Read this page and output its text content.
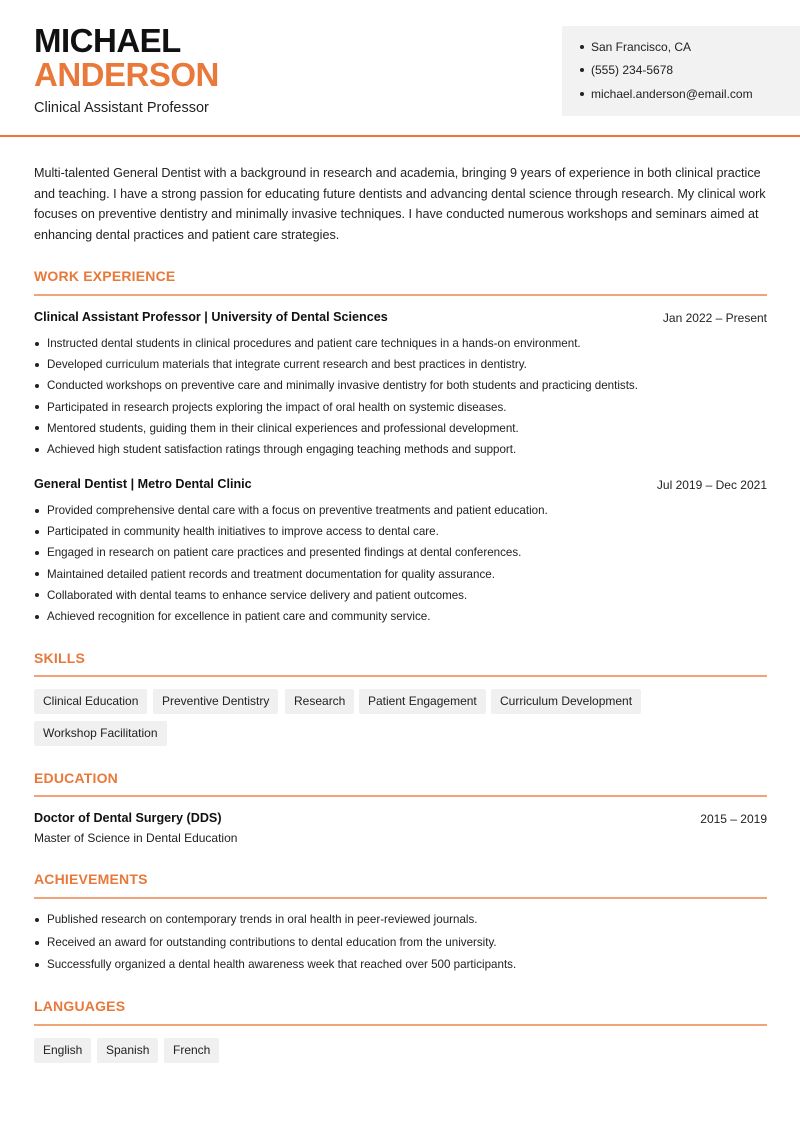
MICHAEL
ANDERSON
Clinical Assistant Professor
San Francisco, CA
(555) 234-5678
michael.anderson@email.com

Multi-talented General Dentist with a background in research and academia, bringing 9 years of experience in both clinical practice and teaching. I have a strong passion for educating future dentists and advancing dental science through research. My clinical work focuses on preventive dentistry and minimally invasive techniques. I have conducted numerous workshops and seminars aimed at enhancing dental practices and patient care strategies.

WORK EXPERIENCE
Clinical Assistant Professor | University of Dental Sciences	Jan 2022 – Present
Instructed dental students in clinical procedures and patient care techniques in a hands-on environment.
Developed curriculum materials that integrate current research and best practices in dentistry.
Conducted workshops on preventive care and minimally invasive dentistry for both students and practicing dentists.
Participated in research projects exploring the impact of oral health on systemic diseases.
Mentored students, guiding them in their clinical experiences and professional development.
Achieved high student satisfaction ratings through engaging teaching methods and support.
General Dentist | Metro Dental Clinic	Jul 2019 – Dec 2021
Provided comprehensive dental care with a focus on preventive treatments and patient education.
Participated in community health initiatives to improve access to dental care.
Engaged in research on patient care practices and presented findings at dental conferences.
Maintained detailed patient records and treatment documentation for quality assurance.
Collaborated with dental teams to enhance service delivery and patient outcomes.
Achieved recognition for excellence in patient care and community service.
SKILLS
Clinical Education	Preventive Dentistry	Research	Patient Engagement	Curriculum Development
Workshop Facilitation
EDUCATION
Doctor of Dental Surgery (DDS)	2015 – 2019
Master of Science in Dental Education
ACHIEVEMENTS
Published research on contemporary trends in oral health in peer-reviewed journals.
Received an award for outstanding contributions to dental education from the university.
Successfully organized a dental health awareness week that reached over 500 participants.
LANGUAGES
English	Spanish	French
